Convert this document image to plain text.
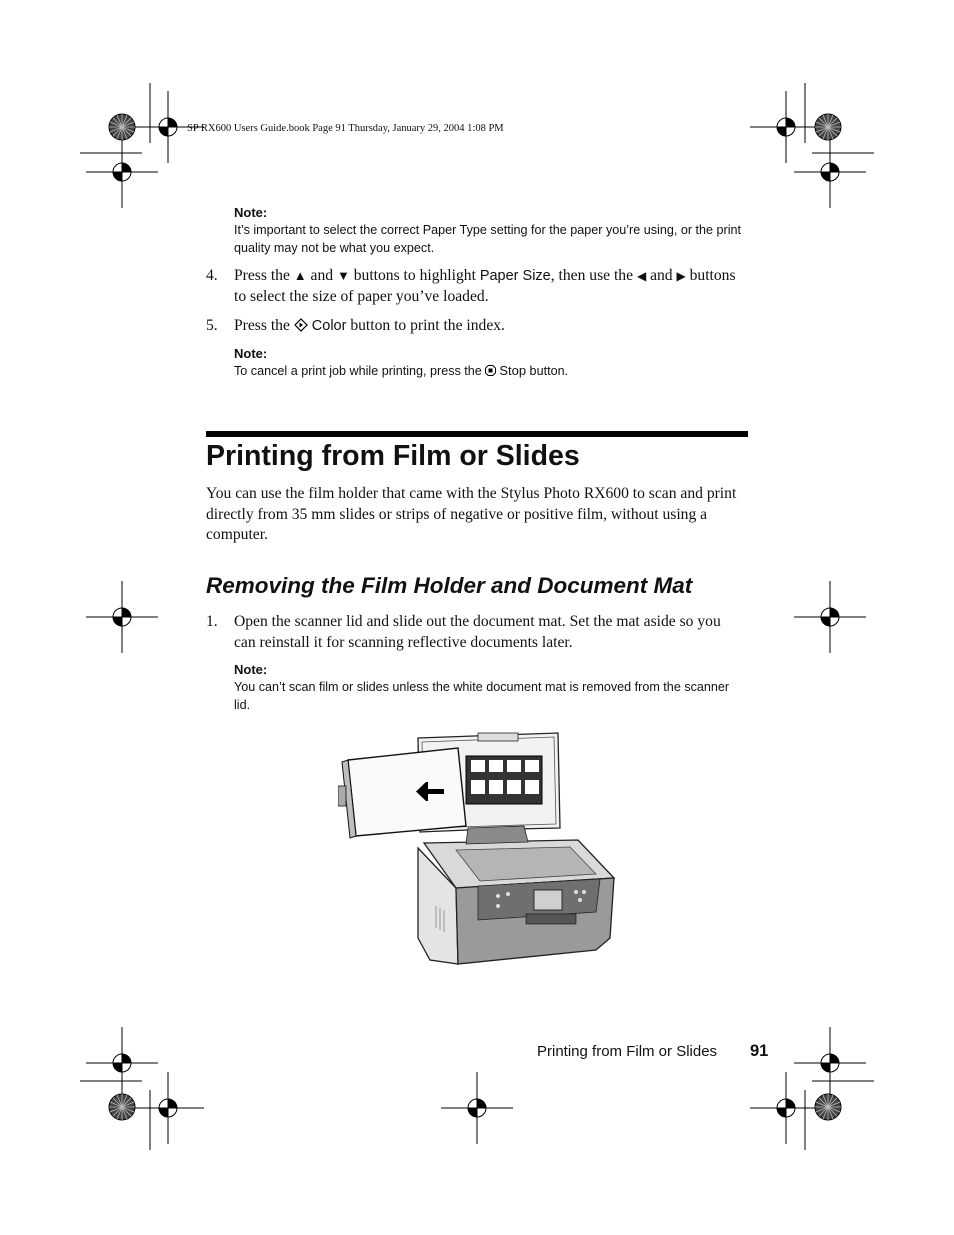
SP RX600 Users Guide.book Page 91 Thursday, January 29, 2004 1:08 PM
Note:
It’s important to select the correct Paper Type setting for the paper you’re using, or the print quality may not be what you expect.
4.	Press the ▲ and ▼ buttons to highlight Paper Size, then use the ◀ and ▶ buttons to select the size of paper you’ve loaded.
5.	Press the Color button to print the index.
Note:
To cancel a print job while printing, press the Stop button.
Printing from Film or Slides
You can use the film holder that came with the Stylus Photo RX600 to scan and print directly from 35 mm slides or strips of negative or positive film, without using a computer.
Removing the Film Holder and Document Mat
1.	Open the scanner lid and slide out the document mat. Set the mat aside so you can reinstall it for scanning reflective documents later.
Note:
You can’t scan film or slides unless the white document mat is removed from the scanner lid.
Printing from Film or Slides 91
